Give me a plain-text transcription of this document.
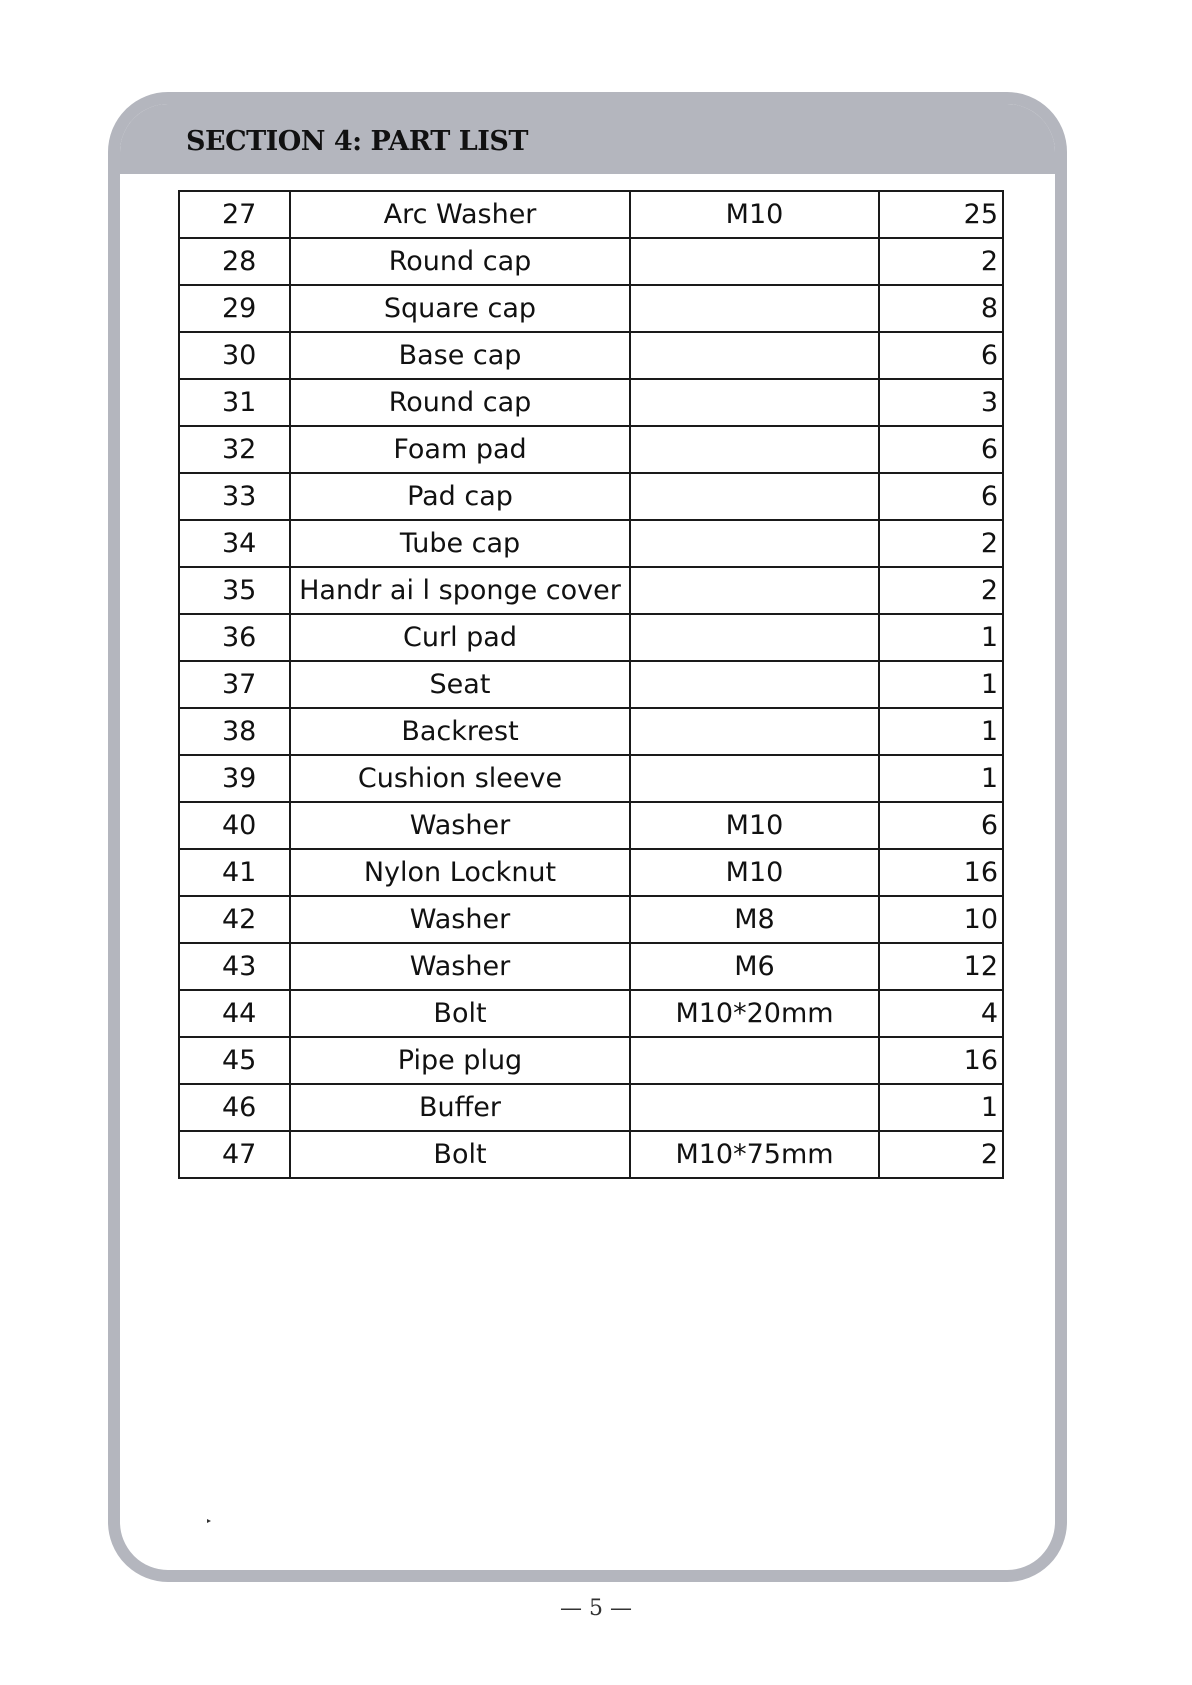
SECTION 4: PART LIST
27	Arc Washer	M10	25
28	Round cap		2
29	Square cap		8
30	Base cap		6
31	Round cap		3
32	Foam pad		6
33	Pad cap		6
34	Tube cap		2
35	Handr ai l sponge cover		2
36	Curl pad		1
37	Seat		1
38	Backrest		1
39	Cushion sleeve		1
40	Washer	M10	6
41	Nylon Locknut	M10	16
42	Washer	M8	10
43	Washer	M6	12
44	Bolt	M10*20mm	4
45	Pipe plug		16
46	Buffer		1
47	Bolt	M10*75mm	2
— 5 —
